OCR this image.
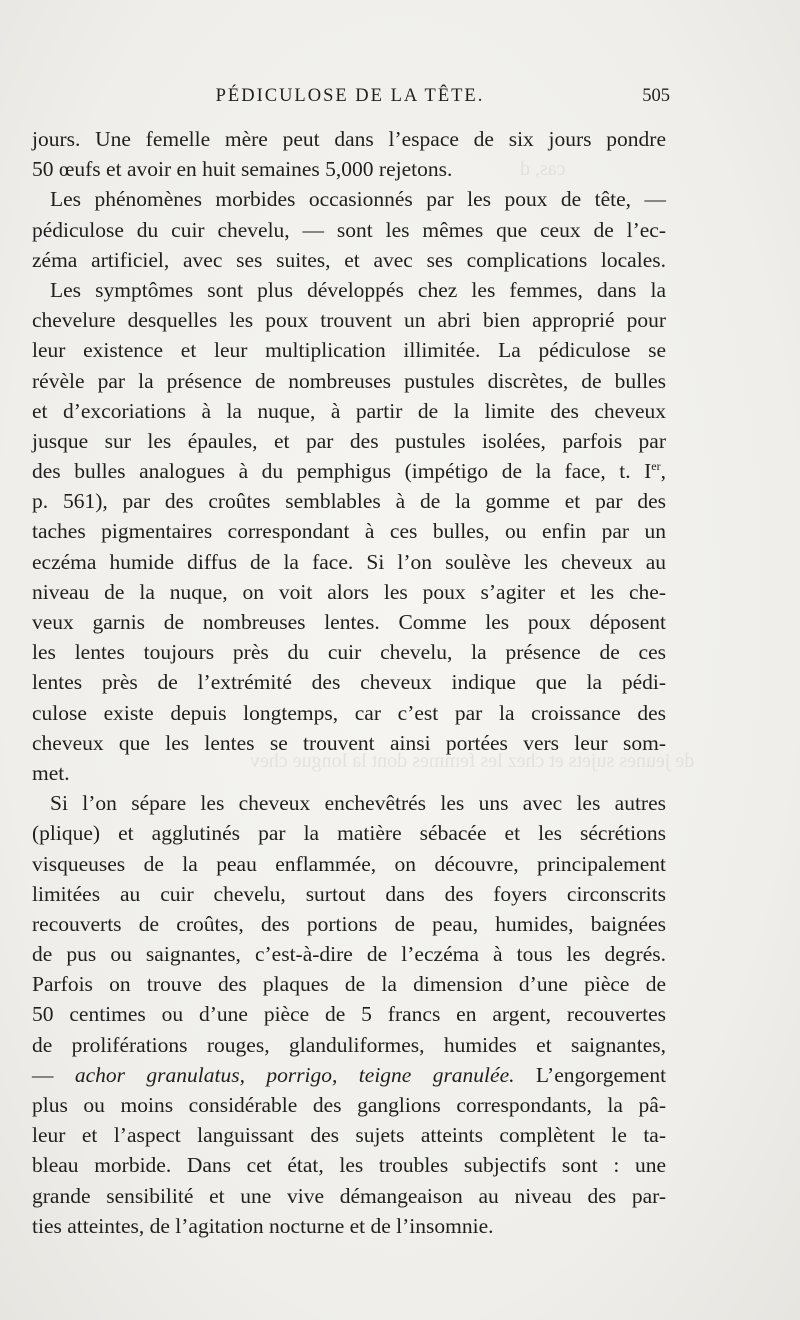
cas, d
de jeunes sujets et chez les femmes dont la longue chev
PÉDICULOSE DE LA TÊTE.	505
jours. Une femelle mère peut dans l’espace de six jours pondre
50 œufs et avoir en huit semaines 5,000 rejetons.
Les phénomènes morbides occasionnés par les poux de tête, —
pédiculose du cuir chevelu, — sont les mêmes que ceux de l’ec-
zéma artificiel, avec ses suites, et avec ses complications locales.
Les symptômes sont plus développés chez les femmes, dans la
chevelure desquelles les poux trouvent un abri bien approprié pour
leur existence et leur multiplication illimitée. La pédiculose se
révèle par la présence de nombreuses pustules discrètes, de bulles
et d’excoriations à la nuque, à partir de la limite des cheveux
jusque sur les épaules, et par des pustules isolées, parfois par
des bulles analogues à du pemphigus (impétigo de la face, t. Ier,
p. 561), par des croûtes semblables à de la gomme et par des
taches pigmentaires correspondant à ces bulles, ou enfin par un
eczéma humide diffus de la face. Si l’on soulève les cheveux au
niveau de la nuque, on voit alors les poux s’agiter et les che-
veux garnis de nombreuses lentes. Comme les poux déposent
les lentes toujours près du cuir chevelu, la présence de ces
lentes près de l’extrémité des cheveux indique que la pédi-
culose existe depuis longtemps, car c’est par la croissance des
cheveux que les lentes se trouvent ainsi portées vers leur som-
met.
Si l’on sépare les cheveux enchevêtrés les uns avec les autres
(plique) et agglutinés par la matière sébacée et les sécrétions
visqueuses de la peau enflammée, on découvre, principalement
limitées au cuir chevelu, surtout dans des foyers circonscrits
recouverts de croûtes, des portions de peau, humides, baignées
de pus ou saignantes, c’est-à-dire de l’eczéma à tous les degrés.
Parfois on trouve des plaques de la dimension d’une pièce de
50 centimes ou d’une pièce de 5 francs en argent, recouvertes
de proliférations rouges, glanduliformes, humides et saignantes,
— achor granulatus, porrigo, teigne granulée. L’engorgement
plus ou moins considérable des ganglions correspondants, la pâ-
leur et l’aspect languissant des sujets atteints complètent le ta-
bleau morbide. Dans cet état, les troubles subjectifs sont : une
grande sensibilité et une vive démangeaison au niveau des par-
ties atteintes, de l’agitation nocturne et de l’insomnie.
